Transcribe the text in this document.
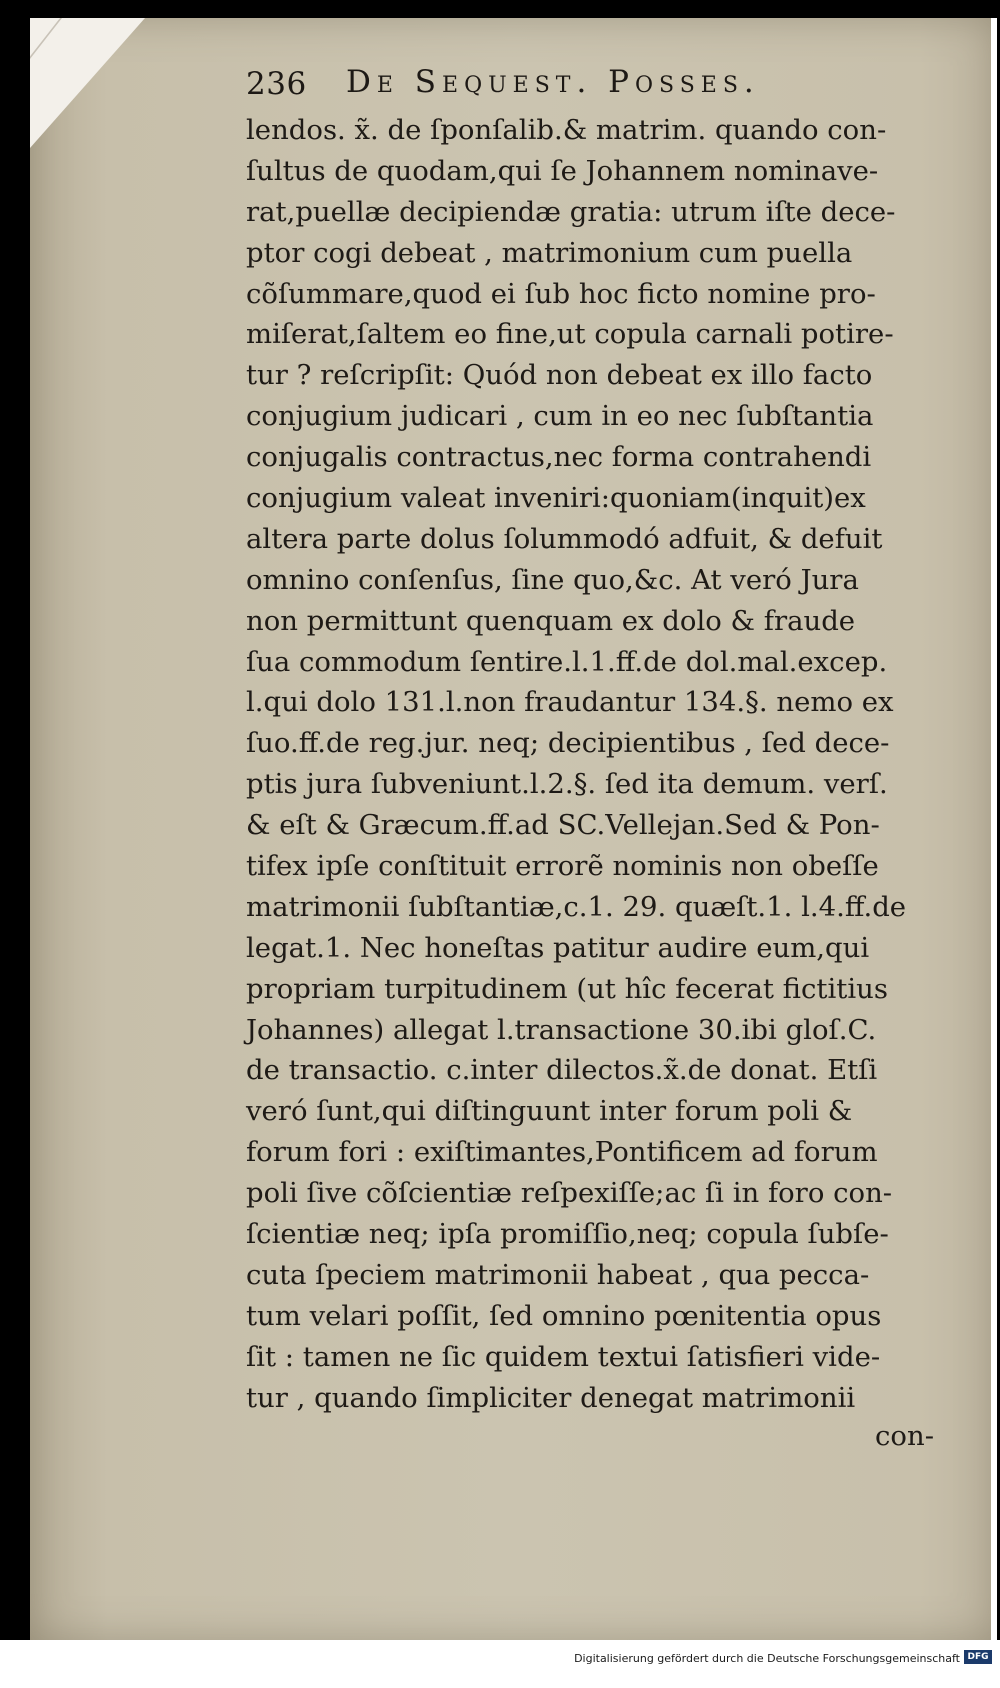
236 De Sequest. Posses.
lendos. x̃. de ſponſalib.& matrim. quando con-
ſultus de quodam,qui ſe Johannem nominave-
rat,puellæ decipiendæ gratia: utrum iſte dece-
ptor cogi debeat , matrimonium cum puella
cõſummare,quod ei ſub hoc ficto nomine pro-
miſerat,ſaltem eo fine,ut copula carnali potire-
tur ? reſcripſit: Quód non debeat ex illo facto
conjugium judicari , cum in eo nec ſubſtantia
conjugalis contractus,nec forma contrahendi
conjugium valeat inveniri:quoniam(inquit)ex
altera parte dolus ſolummodó adfuit, & defuit
omnino conſenſus, ſine quo,&c. At veró Jura
non permittunt quenquam ex dolo & fraude
ſua commodum ſentire.l.1.ff.de dol.mal.excep.
l.qui dolo 131.l.non fraudantur 134.§. nemo ex
ſuo.ff.de reg.jur. neq; decipientibus , ſed dece-
ptis jura ſubveniunt.l.2.§. ſed ita demum. verſ.
& eſt & Græcum.ff.ad SC.Vellejan.Sed & Pon-
tifex ipſe conſtituit errorẽ nominis non obeſſe
matrimonii ſubſtantiæ,c.1. 29. quæſt.1. l.4.ff.de
legat.1. Nec honeſtas patitur audire eum,qui
propriam turpitudinem (ut hîc fecerat fictitius
Johannes) allegat l.transactione 30.ibi gloſ.C.
de transactio. c.inter dilectos.x̃.de donat. Etſi
veró ſunt,qui diſtinguunt inter forum poli &
forum fori : exiſtimantes,Pontificem ad forum
poli ſive cõſcientiæ reſpexiſſe;ac ſi in foro con-
ſcientiæ neq; ipſa promiſſio,neq; copula ſubſe-
cuta ſpeciem matrimonii habeat , qua pecca-
tum velari poſſit, ſed omnino pœnitentia opus
ſit : tamen ne ſic quidem textui ſatisfieri vide-
tur , quando ſimpliciter denegat matrimonii
con-
Digitalisierung gefördert durch die Deutsche Forschungsgemeinschaft DFG
